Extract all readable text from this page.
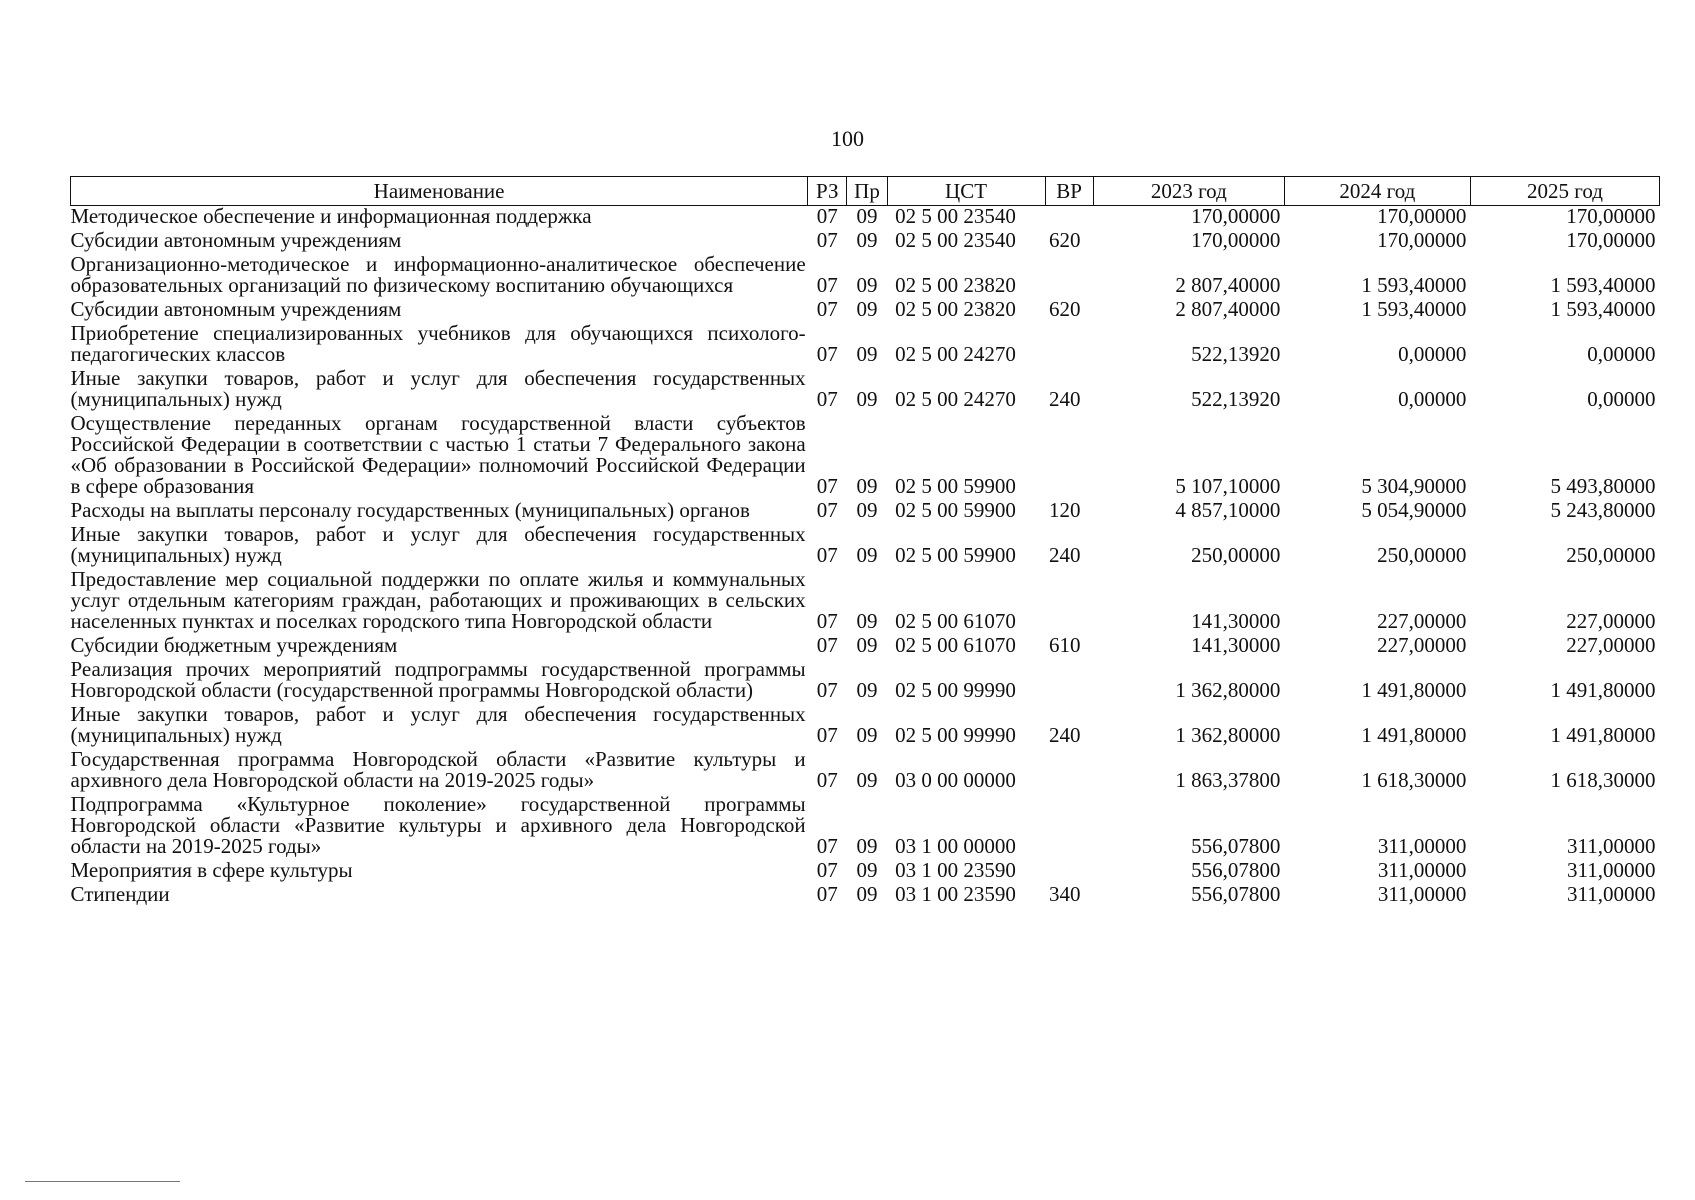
100
Наименование	РЗ	Пр	ЦСТ	ВР	2023 год	2024 год	2025 год
Методическое обеспечение и информационная поддержка	07	09	02 5 00 23540		170,00000	170,00000	170,00000
Субсидии автономным учреждениям	07	09	02 5 00 23540	620	170,00000	170,00000	170,00000
Организационно-методическое и информационно-аналитическое обеспечение образовательных организаций по физическому воспитанию обучающихся	07	09	02 5 00 23820		2 807,40000	1 593,40000	1 593,40000
Субсидии автономным учреждениям	07	09	02 5 00 23820	620	2 807,40000	1 593,40000	1 593,40000
Приобретение специализированных учебников для обучающихся психолого-педагогических классов	07	09	02 5 00 24270		522,13920	0,00000	0,00000
Иные закупки товаров, работ и услуг для обеспечения государственных (муниципальных) нужд	07	09	02 5 00 24270	240	522,13920	0,00000	0,00000
Осуществление переданных органам государственной власти субъектов Российской Федерации в соответствии с частью 1 статьи 7 Федерального закона «Об образовании в Российской Федерации» полномочий Российской Федерации в сфере образования	07	09	02 5 00 59900		5 107,10000	5 304,90000	5 493,80000
Расходы на выплаты персоналу государственных (муниципальных) органов	07	09	02 5 00 59900	120	4 857,10000	5 054,90000	5 243,80000
Иные закупки товаров, работ и услуг для обеспечения государственных (муниципальных) нужд	07	09	02 5 00 59900	240	250,00000	250,00000	250,00000
Предоставление мер социальной поддержки по оплате жилья и коммунальных услуг отдельным категориям граждан, работающих и проживающих в сельских населенных пунктах и поселках городского типа Новгородской области	07	09	02 5 00 61070		141,30000	227,00000	227,00000
Субсидии бюджетным учреждениям	07	09	02 5 00 61070	610	141,30000	227,00000	227,00000
Реализация прочих мероприятий подпрограммы государственной программы Новгородской области (государственной программы Новгородской области)	07	09	02 5 00 99990		1 362,80000	1 491,80000	1 491,80000
Иные закупки товаров, работ и услуг для обеспечения государственных (муниципальных) нужд	07	09	02 5 00 99990	240	1 362,80000	1 491,80000	1 491,80000
Государственная программа Новгородской области «Развитие культуры и архивного дела Новгородской области на 2019-2025 годы»	07	09	03 0 00 00000		1 863,37800	1 618,30000	1 618,30000
Подпрограмма «Культурное поколение» государственной программы Новгородской области «Развитие культуры и архивного дела Новгородской области на 2019-2025 годы»	07	09	03 1 00 00000		556,07800	311,00000	311,00000
Мероприятия в сфере культуры	07	09	03 1 00 23590		556,07800	311,00000	311,00000
Стипендии	07	09	03 1 00 23590	340	556,07800	311,00000	311,00000
